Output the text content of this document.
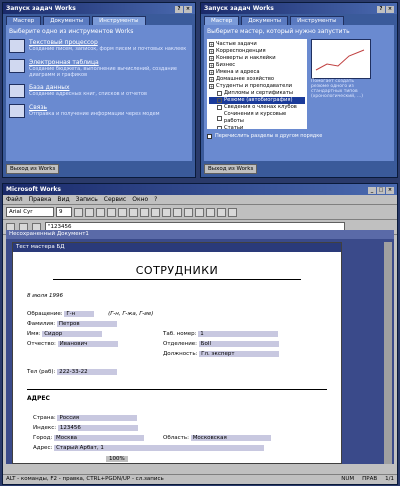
Запуск задач Works	? ×
Мастер	Документы	Инструменты
Выберите одно из инструментов Works
Текстовый процессор
Создание писем, записок, форм писем и почтовых наклеек
Электронная таблица
Создание бюджета, выполнение вычислений, создание диаграмм и графиков
База данных
Создание адресных книг, списков и отчетов
Связь
Отправка и получение информации через модем
Выход из Works
Запуск задач Works	? ×
Мастер	Документы	Инструменты
Выберите мастер, который нужно запустить
+ Частые задачи
+ Корреспонденция
+ Конверты и наклейки
+ Бизнес
+ Имена и адреса
+ Домашнее хозяйство
+ Студенты и преподаватели
Дипломы и сертификаты
Резюме (автобиография)
Сведения о членах клубов
Сочинения и курсовые работы
Статьи
Помогает создать резюме одного из стандартных типов (хронологический, ...)
Перечислить разделы в другом порядке
Выход из Works
Microsoft Works	_ □ ×
Файл Правка Вид Запись Сервис Окно ?
Arial Cyr	9
"123456
Несохраненный Документ1
Тест мастера БД
СОТРУДНИКИ
8 июля 1996
Обращение: Г-н	(Г-н, Г-жа, Г-ие)
Фамилия: Петров
Имя: Сидор
Отчество: Иванович
Таб. номер: 1
Отделение: Бoll
Должность: Гл. эксперт
Тел (раб): 222-33-22
АДРЕС
Страна: Россия
Индекс: 123456
Город: Москва	Область: Московская
Адрес: Старый Арбат, 1
100%
ALT - команды, F2 - правка, CTRL+PGDN/UP - сл.запись	NUM ПРАВ 1/1
